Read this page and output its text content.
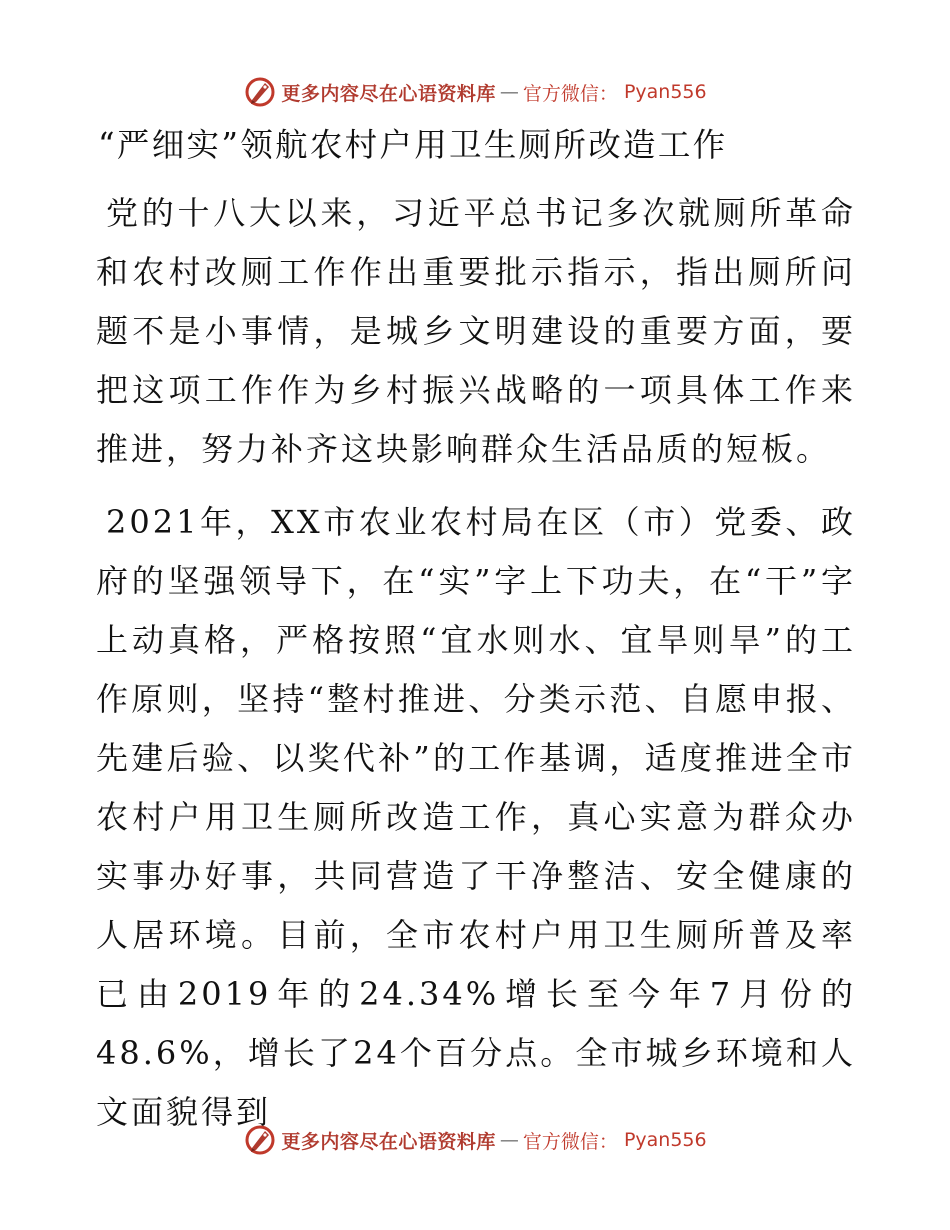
更多内容尽在心语资料库 — 官方微信： Pyan556
“严细实”领航农村户用卫生厕所改造工作

党的十八大以来，习近平总书记多次就厕所革命和农村改厕工作作出重要批示指示，指出厕所问题不是小事情，是城乡文明建设的重要方面，要把这项工作作为乡村振兴战略的一项具体工作来推进，努力补齐这块影响群众生活品质的短板。

2021年，XX市农业农村局在区（市）党委、政府的坚强领导下，在“实”字上下功夫，在“干”字上动真格，严格按照“宜水则水、宜旱则旱”的工作原则，坚持“整村推进、分类示范、自愿申报、先建后验、以奖代补”的工作基调，适度推进全市农村户用卫生厕所改造工作，真心实意为群众办实事办好事，共同营造了干净整洁、安全健康的人居环境。目前，全市农村户用卫生厕所普及率已由2019年的24.34%增长至今年7月份的48.6%，增长了24个百分点。全市城乡环境和人文面貌得到

更多内容尽在心语资料库 — 官方微信： Pyan556
